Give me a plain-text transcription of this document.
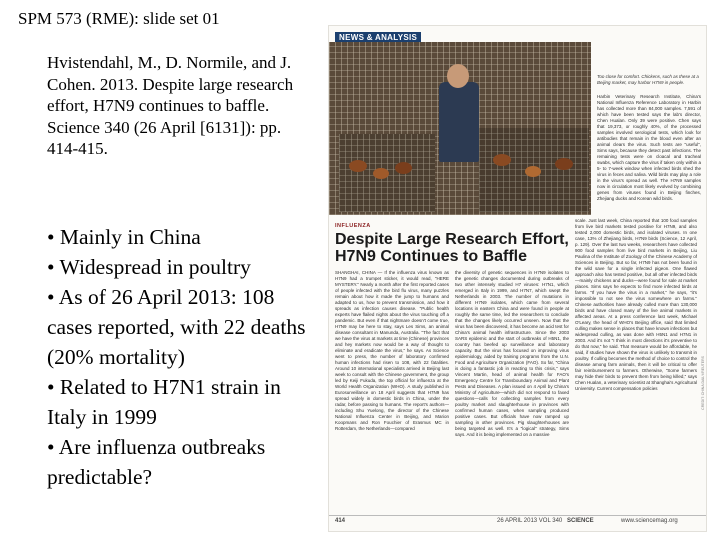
SPM 573 (RME): slide set 01
Hvistendahl, M., D. Normile, and J. Cohen. 2013. Despite large research effort, H7N9 continues to baffle. Science 340 (26 April [6131]): pp. 414-415.
• Mainly in China
• Widespread in poultry
• As of 26 April 2013: 108 cases reported, with 22 deaths (20% mortality)
• Related to H7N1 strain in Italy in 1999
• Are influenza outbreaks predictable?
NEWS & ANALYSIS
Too close for comfort. Chickens, such as these at a Beijing market, may harbor H7N9 in people.
Harbin Veterinary Research Institute, China's National Influenza Reference Laboratory in Harbin has collected more than 84,000 samples. 7,591 of which have been tested says the lab's director, Chen Hualan. Only 39 were positive. Chen says that 19,373, or roughly 40%, of the processed samples involved serological tests, which look for antibodies that remain in the blood even after an animal clears the virus. Such tests are "useful", Sims says, because they detect past infections. The remaining tests were on cloacal and tracheal swabs, which capture the virus if taken only within a 5- to 7-week window when infected birds shed the virus in feces and saliva. Wild birds may play a role in the virus's spread as well. The H7N9 samples now in circulation most likely evolved by combining genes from viruses found in Beijing finches, Zhejiang ducks and Korean wild birds.
INFLUENZA
Despite Large Research Effort, H7N9 Continues to Baffle
SHANGHAI, CHINA — If the influenza virus known as H7N9 had a trumpet sticker, it would read, "HERE MYSTERY." Nearly a month after the first reported cases of people infected with the bird flu virus, many puzzles remain about how it made the jump to humans and adapted to us, how to prevent transmission, and how it spreads as infection causes disease. "Public health experts have flailed nights about the virus touching off a pandemic. But even if that nightmare doesn't come true, H7N9 may be here to stay, says Les Sims, an animal disease consultant in Manunda, Australia. "The fact that we have the virus at markets at time (Chinese) provinces and hey markets now would be a way of thought to eliminate and eradicate the virus," he says. As Science went to press, the number of laboratory confirmed human infections had risen to 108, with 22 fatalities. Around 10 international specialists arrived in Beijing last week to consult with the Chinese government, the group led by Keiji Fukuda, the top official for influenza at the World Health Organization (WHO). A study published in Eurosurveillance on 18 April suggests that H7N9 has spread widely in domestic birds in China, under the radar, before passing to humans. The report's authors—including Shu Yuelong, the director of the Chinese National Influenza Center in Beijing, and Marion Koopmans and Ron Fouchier of Erasmus MC in Rotterdam, the Netherlands—compared
the diversity of genetic sequences in H7N9 isolates to the genetic changes documented during outbreaks of two other intensely studied H7 viruses: H7N1, which emerged in Italy in 1999, and H7N7, which swept the Netherlands in 2003. The number of mutations in different H7N9 isolates, which came from several locations in eastern China and were found in people at roughly the same time, led the researchers to conclude that the changes likely occurred unseen. Now that the virus has been discovered, it has become an acid test for China's animal health infrastructure. Since the 2003 SARS epidemic and the start of outbreaks of H5N1, the country has beefed up surveillance and laboratory capacity. But the virus has focused on improving virus epidemiology, aided by training programs from the U.N. Food and Agriculture Organization (FAO). So far, "China is doing a fantastic job in reacting to this crisis," says Vincent Martin, head of animal health for FAO's Emergency Centre for Transboundary Animal and Plant Pests and Diseases. A plan issued on 4 April by China's Ministry of Agriculture—which did not respond to faxed questions—calls for collecting samples from every poultry market and slaughterhouse in provinces with confirmed human cases, when sampling produced positive cases. But officials have now ramped up sampling in other provinces. Pig slaughterhouses are being targeted as well. It's a "logical" strategy, Sims says. And it is being implemented on a massive
scale. Just last week, China reported that 100 food samples from live bird markets tested positive for H7N9, and also tested 2,000 domestic birds, and isolated viruses. In one case, 13% of Zhejiang birds, H7N9 birds (Science, 12 April, p. 129). Over the last two weeks, researchers have collected 900 food samples from live bird markets in Beijing, Liu Paulina of the Institute of Zoology of the Chinese Academy of Sciences in Beijing. But so far, H7N9 has not been found in the wild save for a single infected pigeon. One flawed approach also has tested positive, but all other infected birds—mainly chickens and ducks—were found for sale at market places. Sims says he expects to find more infected birds at farms. "If you have the virus in a market," he says, "it's impossible to not see the virus somewhere on farms." Chinese authorities have already culled more than 130,000 birds and have closed many of the live animal markets in affected areas. At a press conference last week, Michael O'Leary, the head of WHO's Beijing office, said that limited culling makes sense in places that have known infections but widespread culling, as was done with H5N1 and H7N1 in 2003. And it's not "I think in most directions it's preventive to do that now," he said. That measure would be affordable, he said, if studies have shown the virus is unlikely to transmit in poultry. If culling becomes the method of choice to control the disease among farm animals, then it will be critical to offer fair reimbursement to farmers. Otherwise, "Some farmers may hide their birds to prevent them from being killed," says Chen Hualan, a veterinary scientist at Shanghai's Agricultural University. Current compensation policies
414	26 APRIL 2013 VOL 340 SCIENCE	www.sciencemag.org
CREDIT: CHINA DAILY/REUTERS
